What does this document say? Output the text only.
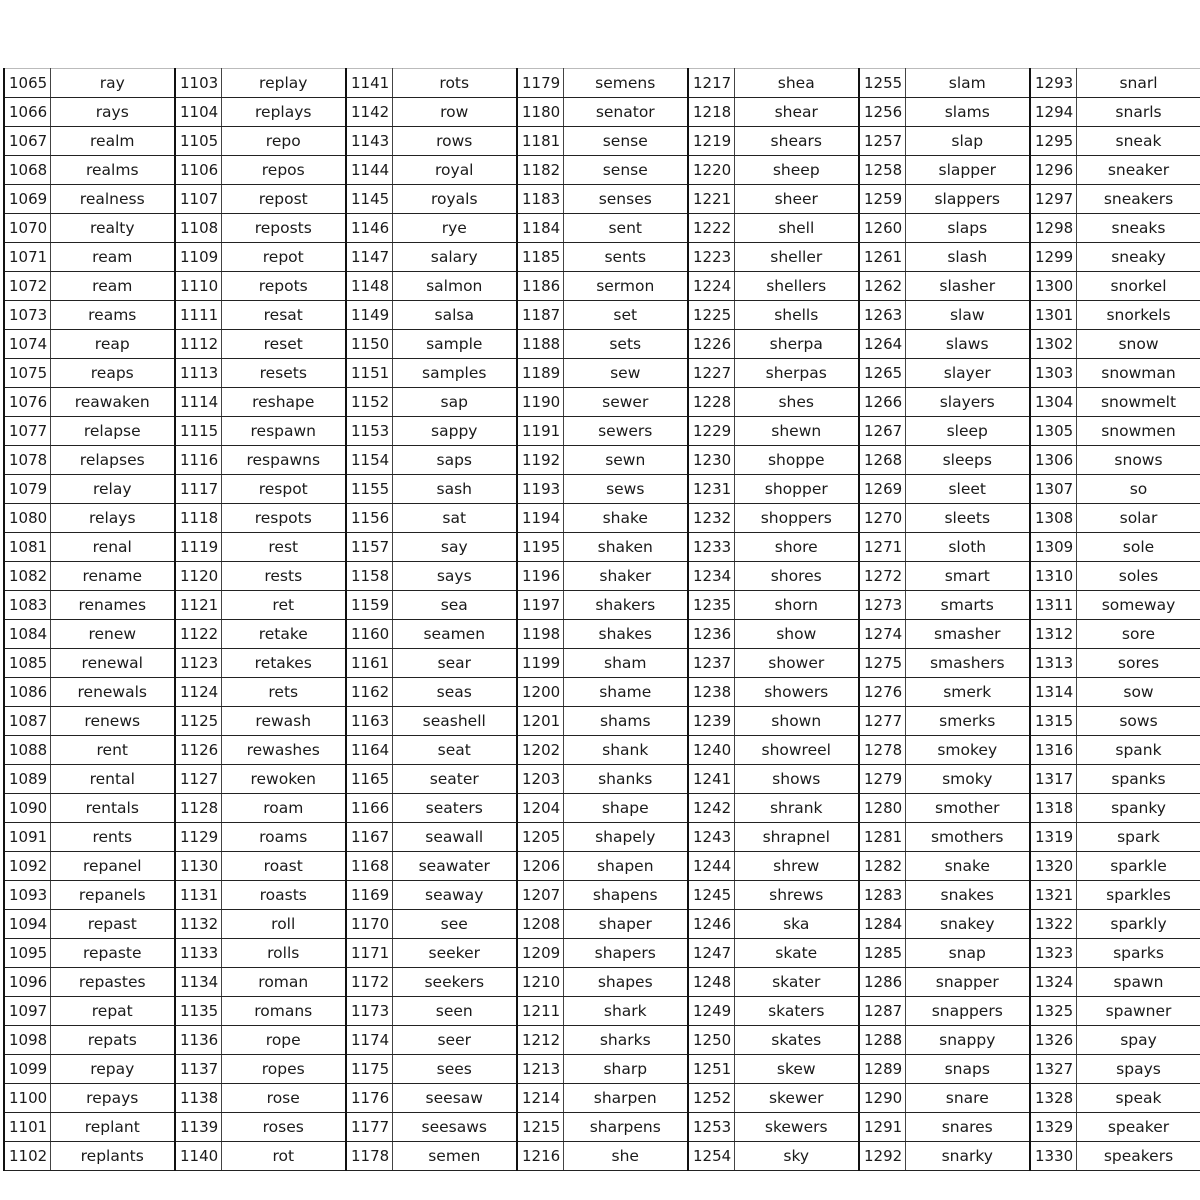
1065	ray	1103	replay	1141	rots	1179	semens	1217	shea	1255	slam	1293	snarl
1066	rays	1104	replays	1142	row	1180	senator	1218	shear	1256	slams	1294	snarls
1067	realm	1105	repo	1143	rows	1181	sense	1219	shears	1257	slap	1295	sneak
1068	realms	1106	repos	1144	royal	1182	sense	1220	sheep	1258	slapper	1296	sneaker
1069	realness	1107	repost	1145	royals	1183	senses	1221	sheer	1259	slappers	1297	sneakers
1070	realty	1108	reposts	1146	rye	1184	sent	1222	shell	1260	slaps	1298	sneaks
1071	ream	1109	repot	1147	salary	1185	sents	1223	sheller	1261	slash	1299	sneaky
1072	ream	1110	repots	1148	salmon	1186	sermon	1224	shellers	1262	slasher	1300	snorkel
1073	reams	1111	resat	1149	salsa	1187	set	1225	shells	1263	slaw	1301	snorkels
1074	reap	1112	reset	1150	sample	1188	sets	1226	sherpa	1264	slaws	1302	snow
1075	reaps	1113	resets	1151	samples	1189	sew	1227	sherpas	1265	slayer	1303	snowman
1076	reawaken	1114	reshape	1152	sap	1190	sewer	1228	shes	1266	slayers	1304	snowmelt
1077	relapse	1115	respawn	1153	sappy	1191	sewers	1229	shewn	1267	sleep	1305	snowmen
1078	relapses	1116	respawns	1154	saps	1192	sewn	1230	shoppe	1268	sleeps	1306	snows
1079	relay	1117	respot	1155	sash	1193	sews	1231	shopper	1269	sleet	1307	so
1080	relays	1118	respots	1156	sat	1194	shake	1232	shoppers	1270	sleets	1308	solar
1081	renal	1119	rest	1157	say	1195	shaken	1233	shore	1271	sloth	1309	sole
1082	rename	1120	rests	1158	says	1196	shaker	1234	shores	1272	smart	1310	soles
1083	renames	1121	ret	1159	sea	1197	shakers	1235	shorn	1273	smarts	1311	someway
1084	renew	1122	retake	1160	seamen	1198	shakes	1236	show	1274	smasher	1312	sore
1085	renewal	1123	retakes	1161	sear	1199	sham	1237	shower	1275	smashers	1313	sores
1086	renewals	1124	rets	1162	seas	1200	shame	1238	showers	1276	smerk	1314	sow
1087	renews	1125	rewash	1163	seashell	1201	shams	1239	shown	1277	smerks	1315	sows
1088	rent	1126	rewashes	1164	seat	1202	shank	1240	showreel	1278	smokey	1316	spank
1089	rental	1127	rewoken	1165	seater	1203	shanks	1241	shows	1279	smoky	1317	spanks
1090	rentals	1128	roam	1166	seaters	1204	shape	1242	shrank	1280	smother	1318	spanky
1091	rents	1129	roams	1167	seawall	1205	shapely	1243	shrapnel	1281	smothers	1319	spark
1092	repanel	1130	roast	1168	seawater	1206	shapen	1244	shrew	1282	snake	1320	sparkle
1093	repanels	1131	roasts	1169	seaway	1207	shapens	1245	shrews	1283	snakes	1321	sparkles
1094	repast	1132	roll	1170	see	1208	shaper	1246	ska	1284	snakey	1322	sparkly
1095	repaste	1133	rolls	1171	seeker	1209	shapers	1247	skate	1285	snap	1323	sparks
1096	repastes	1134	roman	1172	seekers	1210	shapes	1248	skater	1286	snapper	1324	spawn
1097	repat	1135	romans	1173	seen	1211	shark	1249	skaters	1287	snappers	1325	spawner
1098	repats	1136	rope	1174	seer	1212	sharks	1250	skates	1288	snappy	1326	spay
1099	repay	1137	ropes	1175	sees	1213	sharp	1251	skew	1289	snaps	1327	spays
1100	repays	1138	rose	1176	seesaw	1214	sharpen	1252	skewer	1290	snare	1328	speak
1101	replant	1139	roses	1177	seesaws	1215	sharpens	1253	skewers	1291	snares	1329	speaker
1102	replants	1140	rot	1178	semen	1216	she	1254	sky	1292	snarky	1330	speakers
